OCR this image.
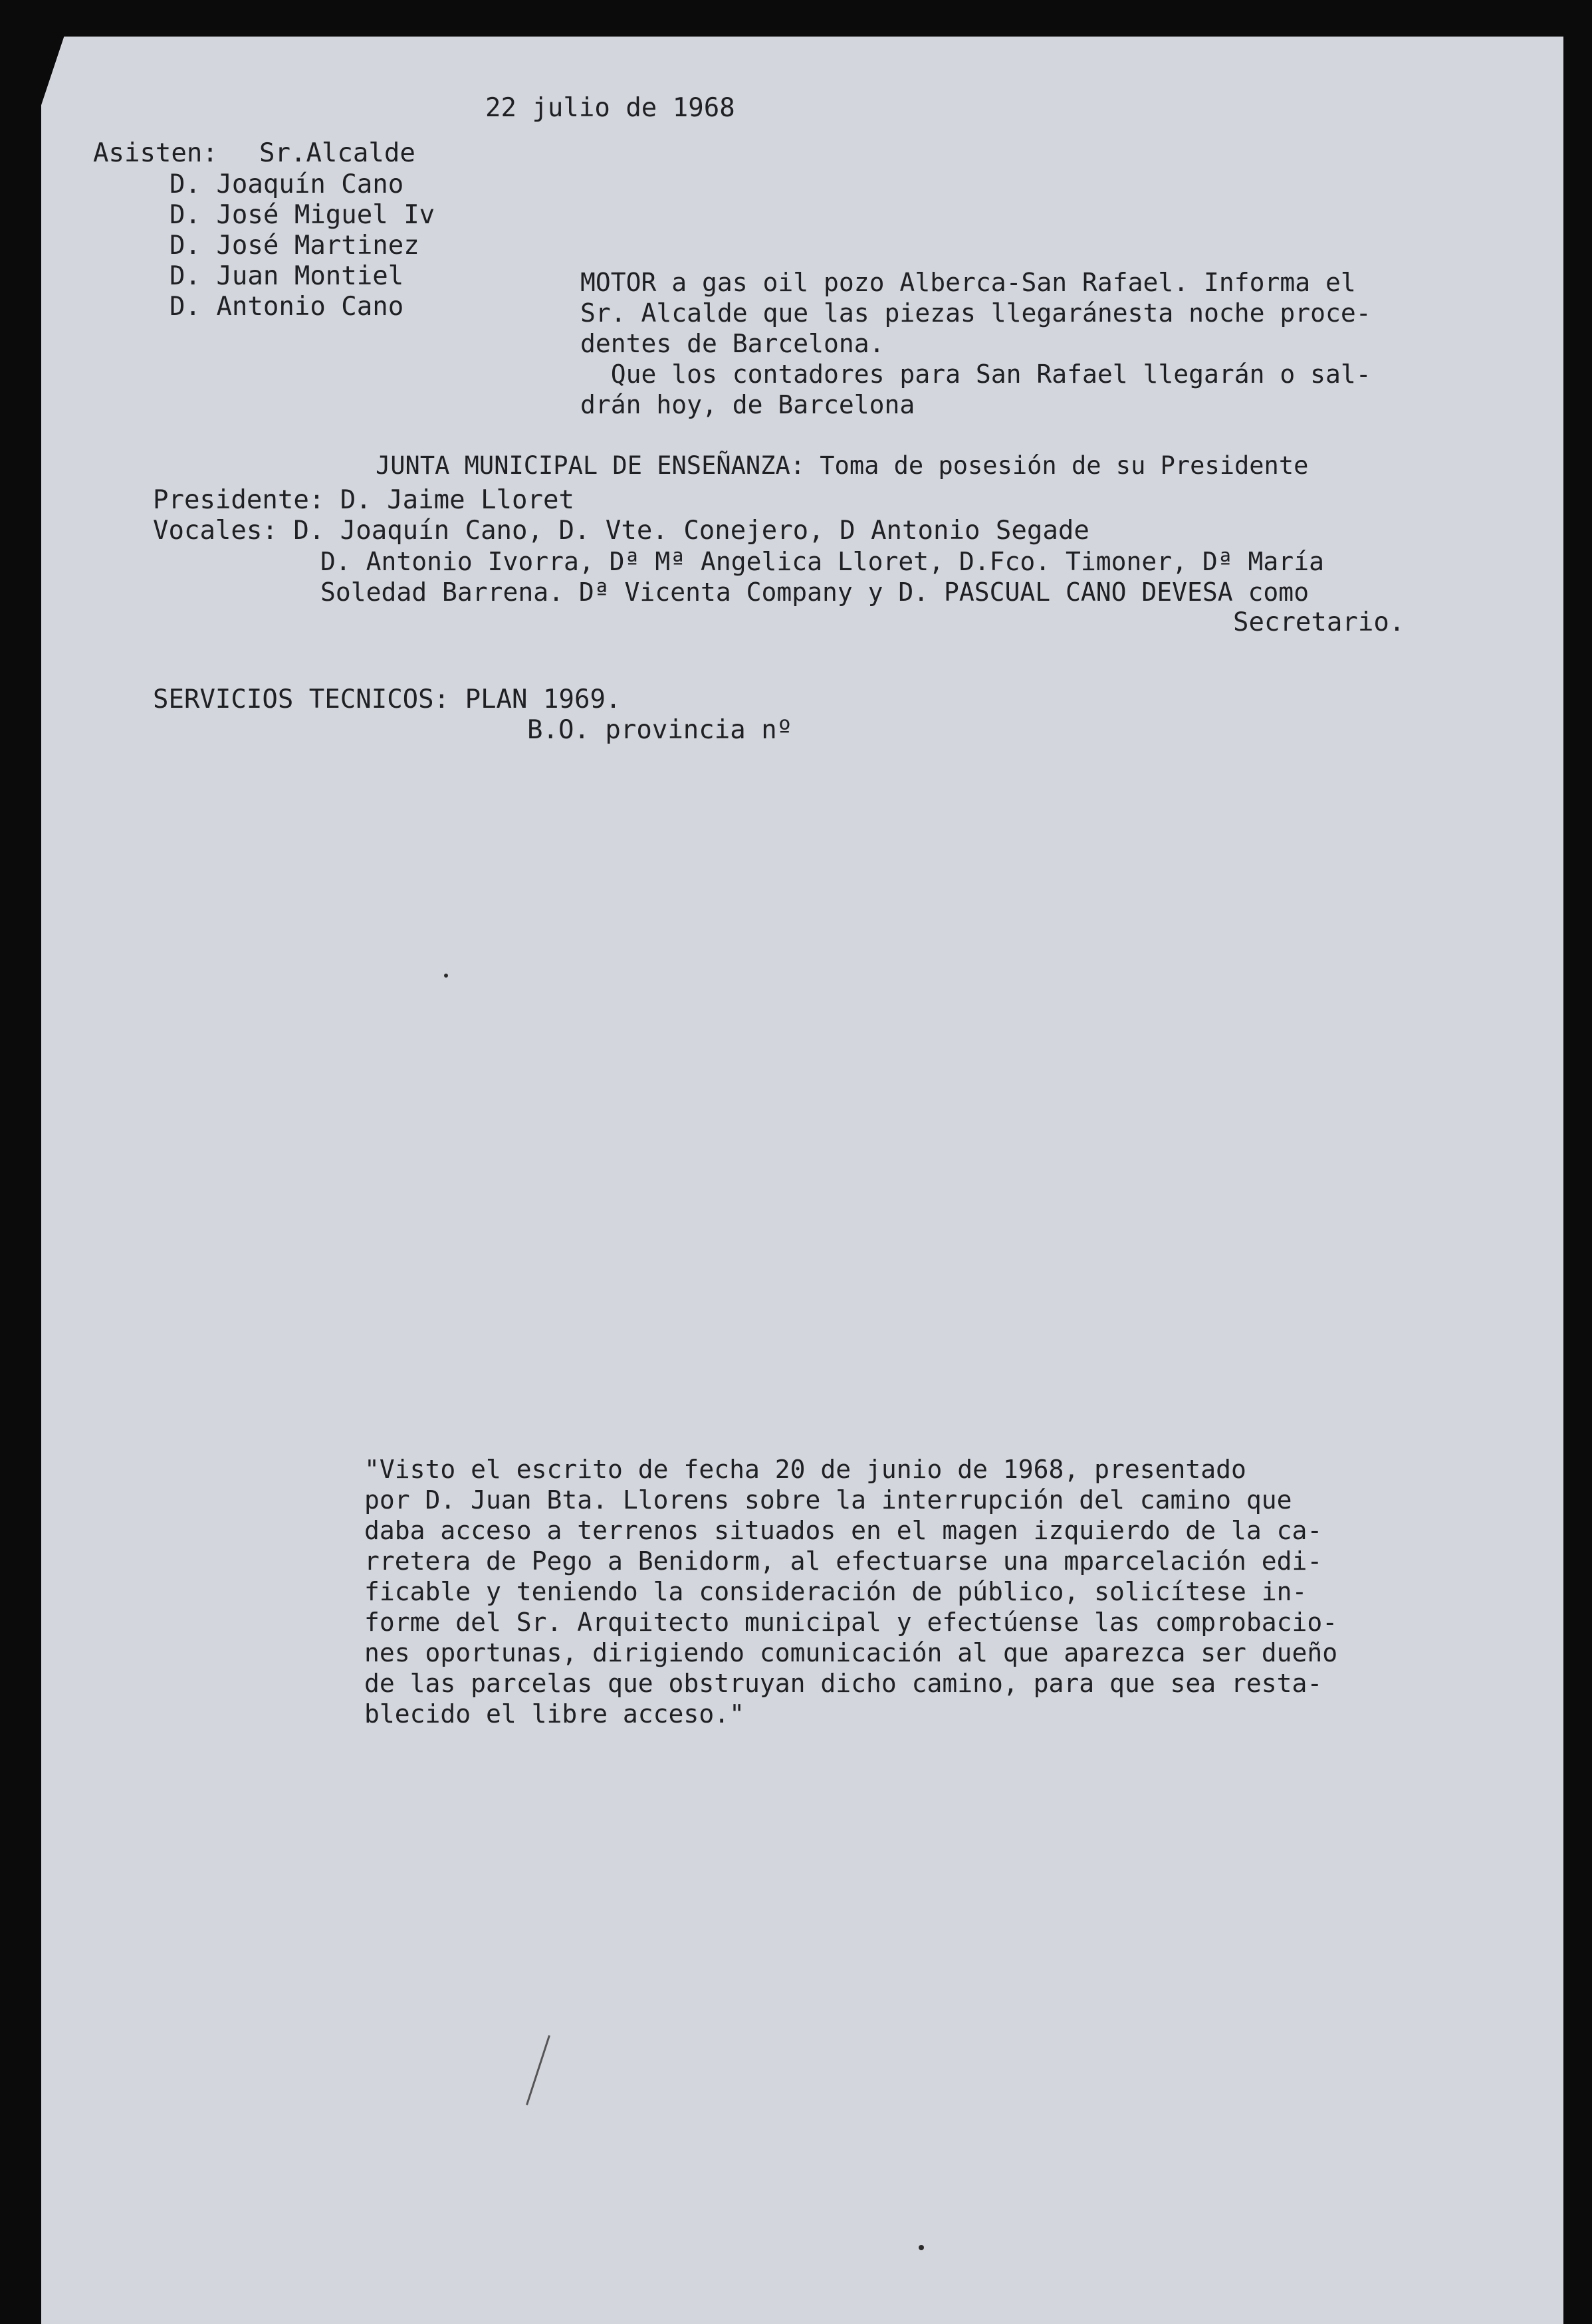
22 julio de 1968

Asisten: Sr.Alcalde

D. Joaquín Cano

D. José Miguel Iv

D. José Martinez

D. Juan Montiel

D. Antonio Cano

MOTOR a gas oil pozo Alberca-San Rafael. Informa el

Sr. Alcalde que las piezas llegaránesta noche proce-

dentes de Barcelona.

Que los contadores para San Rafael llegarán o sal-

drán hoy, de Barcelona

JUNTA MUNICIPAL DE ENSEÑANZA: Toma de posesión de su Presidente

Presidente: D. Jaime Lloret

Vocales: D. Joaquín Cano, D. Vte. Conejero, D Antonio Segade

D. Antonio Ivorra, Dª Mª Angelica Lloret, D.Fco. Timoner, Dª María

Soledad Barrena. Dª Vicenta Company y D. PASCUAL CANO DEVESA como

Secretario.

SERVICIOS TECNICOS: PLAN 1969.

B.O. provincia nº

"Visto el escrito de fecha 20 de junio de 1968, presentado

por D. Juan Bta. Llorens sobre la interrupción del camino que

daba acceso a terrenos situados en el magen izquierdo de la ca-

rretera de Pego a Benidorm, al efectuarse una mparcelación edi-

ficable y teniendo la consideración de público, solicítese in-

forme del Sr. Arquitecto municipal y efectúense las comprobacio-

nes oportunas, dirigiendo comunicación al que aparezca ser dueño

de las parcelas que obstruyan dicho camino, para que sea resta-

blecido el libre acceso."
